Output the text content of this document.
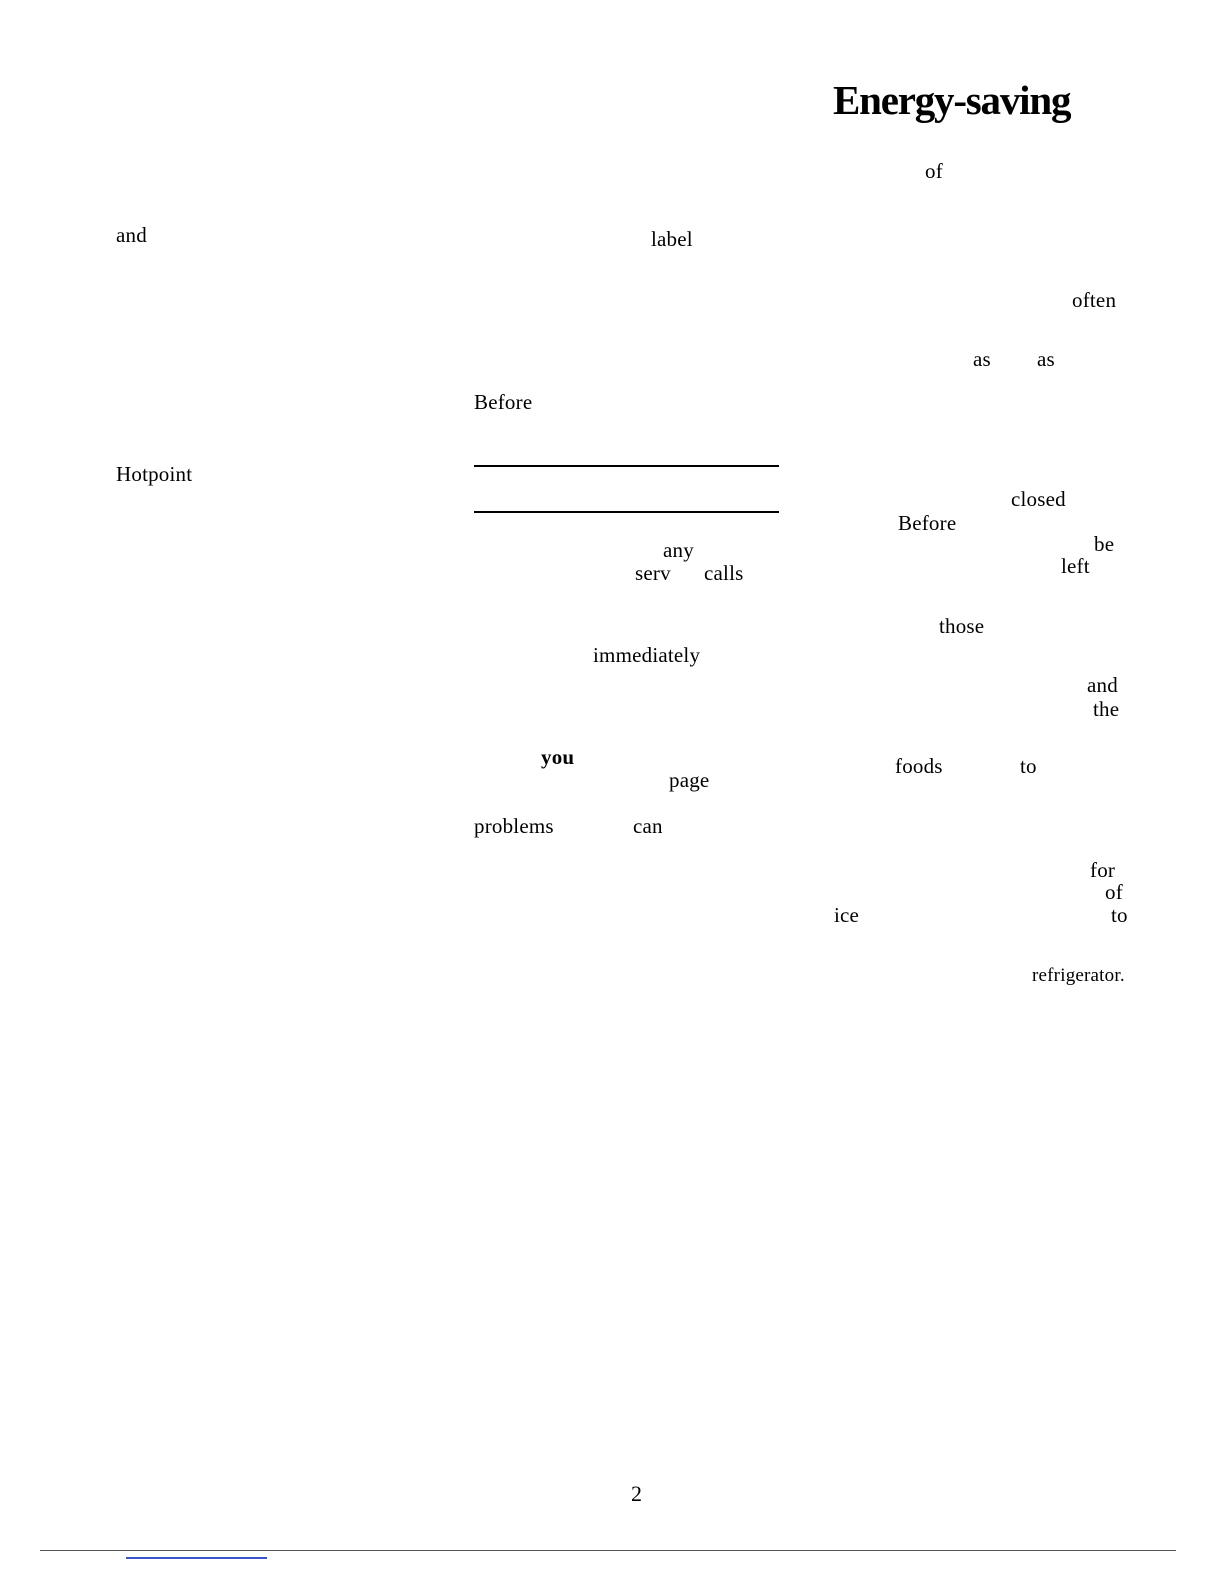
Energy-saving
and
Hotpoint
label
Before
any
serv calls
immediately
you
page
problems	can
of
often
as as
closed
Before
be
left
those
and
the
foods	to
for
of
ice	to
refrigerator.
2
